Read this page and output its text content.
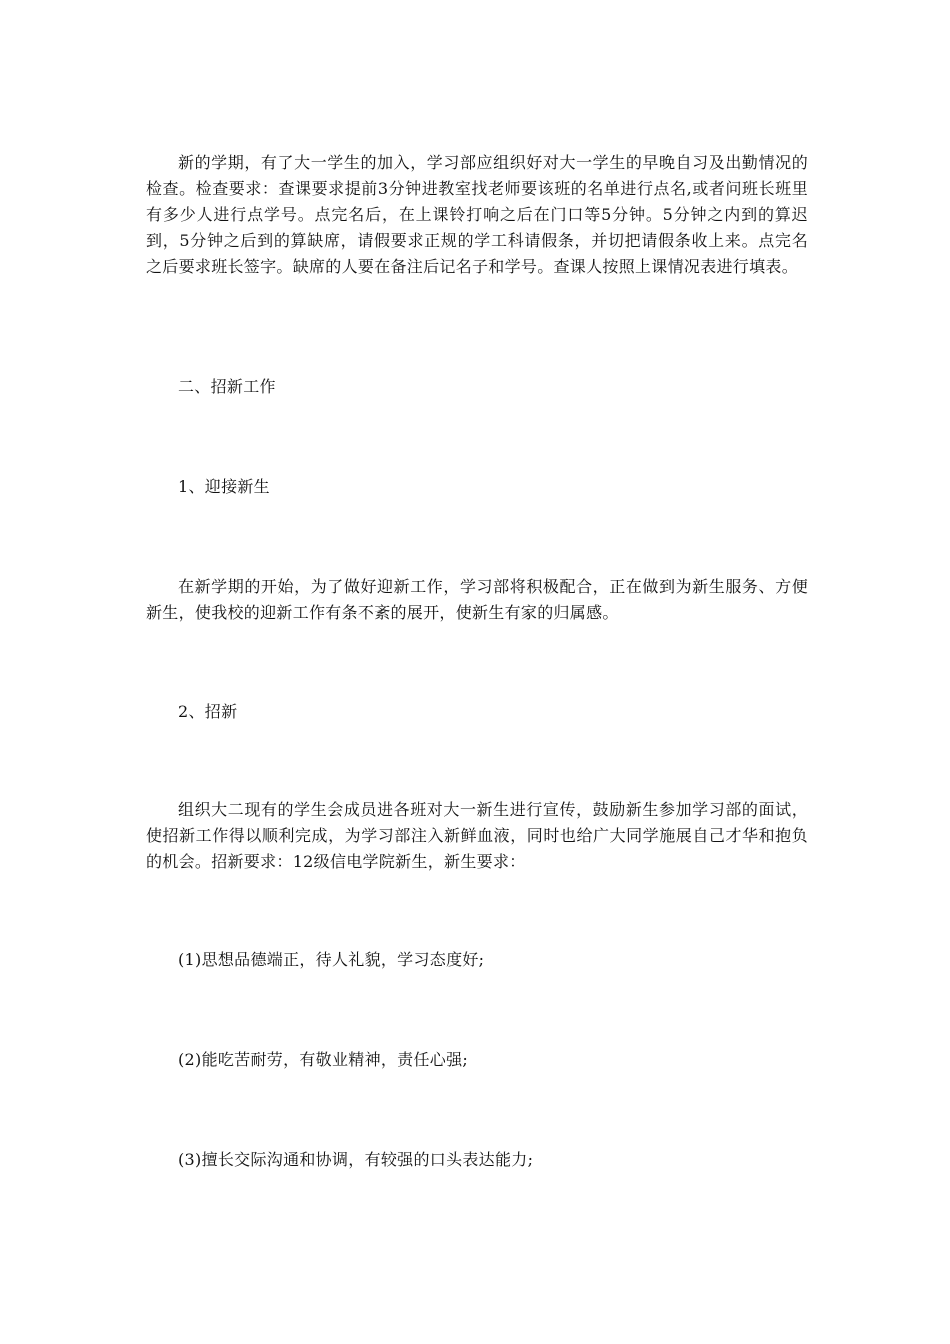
新的学期，有了大一学生的加入，学习部应组织好对大一学生的早晚自习及出勤情况的检查。检查要求：查课要求提前3分钟进教室找老师要该班的名单进行点名,或者问班长班里有多少人进行点学号。点完名后，在上课铃打响之后在门口等5分钟。5分钟之内到的算迟到，5分钟之后到的算缺席，请假要求正规的学工科请假条，并切把请假条收上来。点完名之后要求班长签字。缺席的人要在备注后记名子和学号。查课人按照上课情况表进行填表。

二、招新工作

1、迎接新生

在新学期的开始，为了做好迎新工作，学习部将积极配合，正在做到为新生服务、方便新生，使我校的迎新工作有条不紊的展开，使新生有家的归属感。

2、招新

组织大二现有的学生会成员进各班对大一新生进行宣传，鼓励新生参加学习部的面试，使招新工作得以顺利完成，为学习部注入新鲜血液，同时也给广大同学施展自己才华和抱负的机会。招新要求：12级信电学院新生，新生要求：

(1)思想品德端正，待人礼貌，学习态度好;

(2)能吃苦耐劳，有敬业精神，责任心强;

(3)擅长交际沟通和协调，有较强的口头表达能力;
